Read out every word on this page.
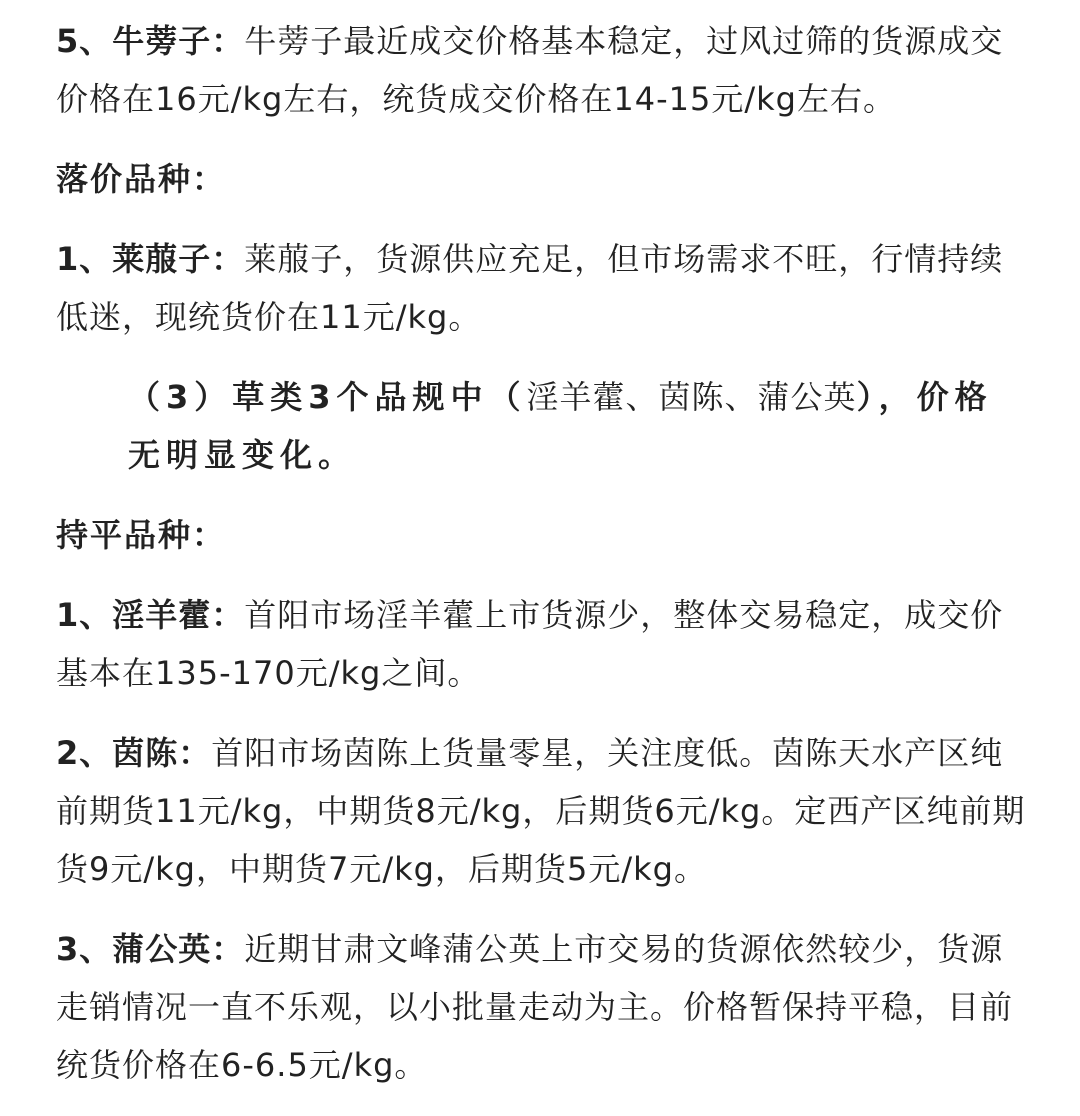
5、牛蒡子：牛蒡子最近成交价格基本稳定，过风过筛的货源成交价格在16元/kg左右，统货成交价格在14-15元/kg左右。

落价品种：

1、莱菔子：莱菔子，货源供应充足，但市场需求不旺，行情持续低迷，现统货价在11元/kg。

（3）草类3个品规中（淫羊藿、茵陈、蒲公英），价格无明显变化。

持平品种：

1、淫羊藿：首阳市场淫羊藿上市货源少，整体交易稳定，成交价基本在135-170元/kg之间。

2、茵陈：首阳市场茵陈上货量零星，关注度低。茵陈天水产区纯前期货11元/kg，中期货8元/kg，后期货6元/kg。定西产区纯前期货9元/kg，中期货7元/kg，后期货5元/kg。

3、蒲公英：近期甘肃文峰蒲公英上市交易的货源依然较少，货源走销情况一直不乐观，以小批量走动为主。价格暂保持平稳，目前统货价格在6-6.5元/kg。
